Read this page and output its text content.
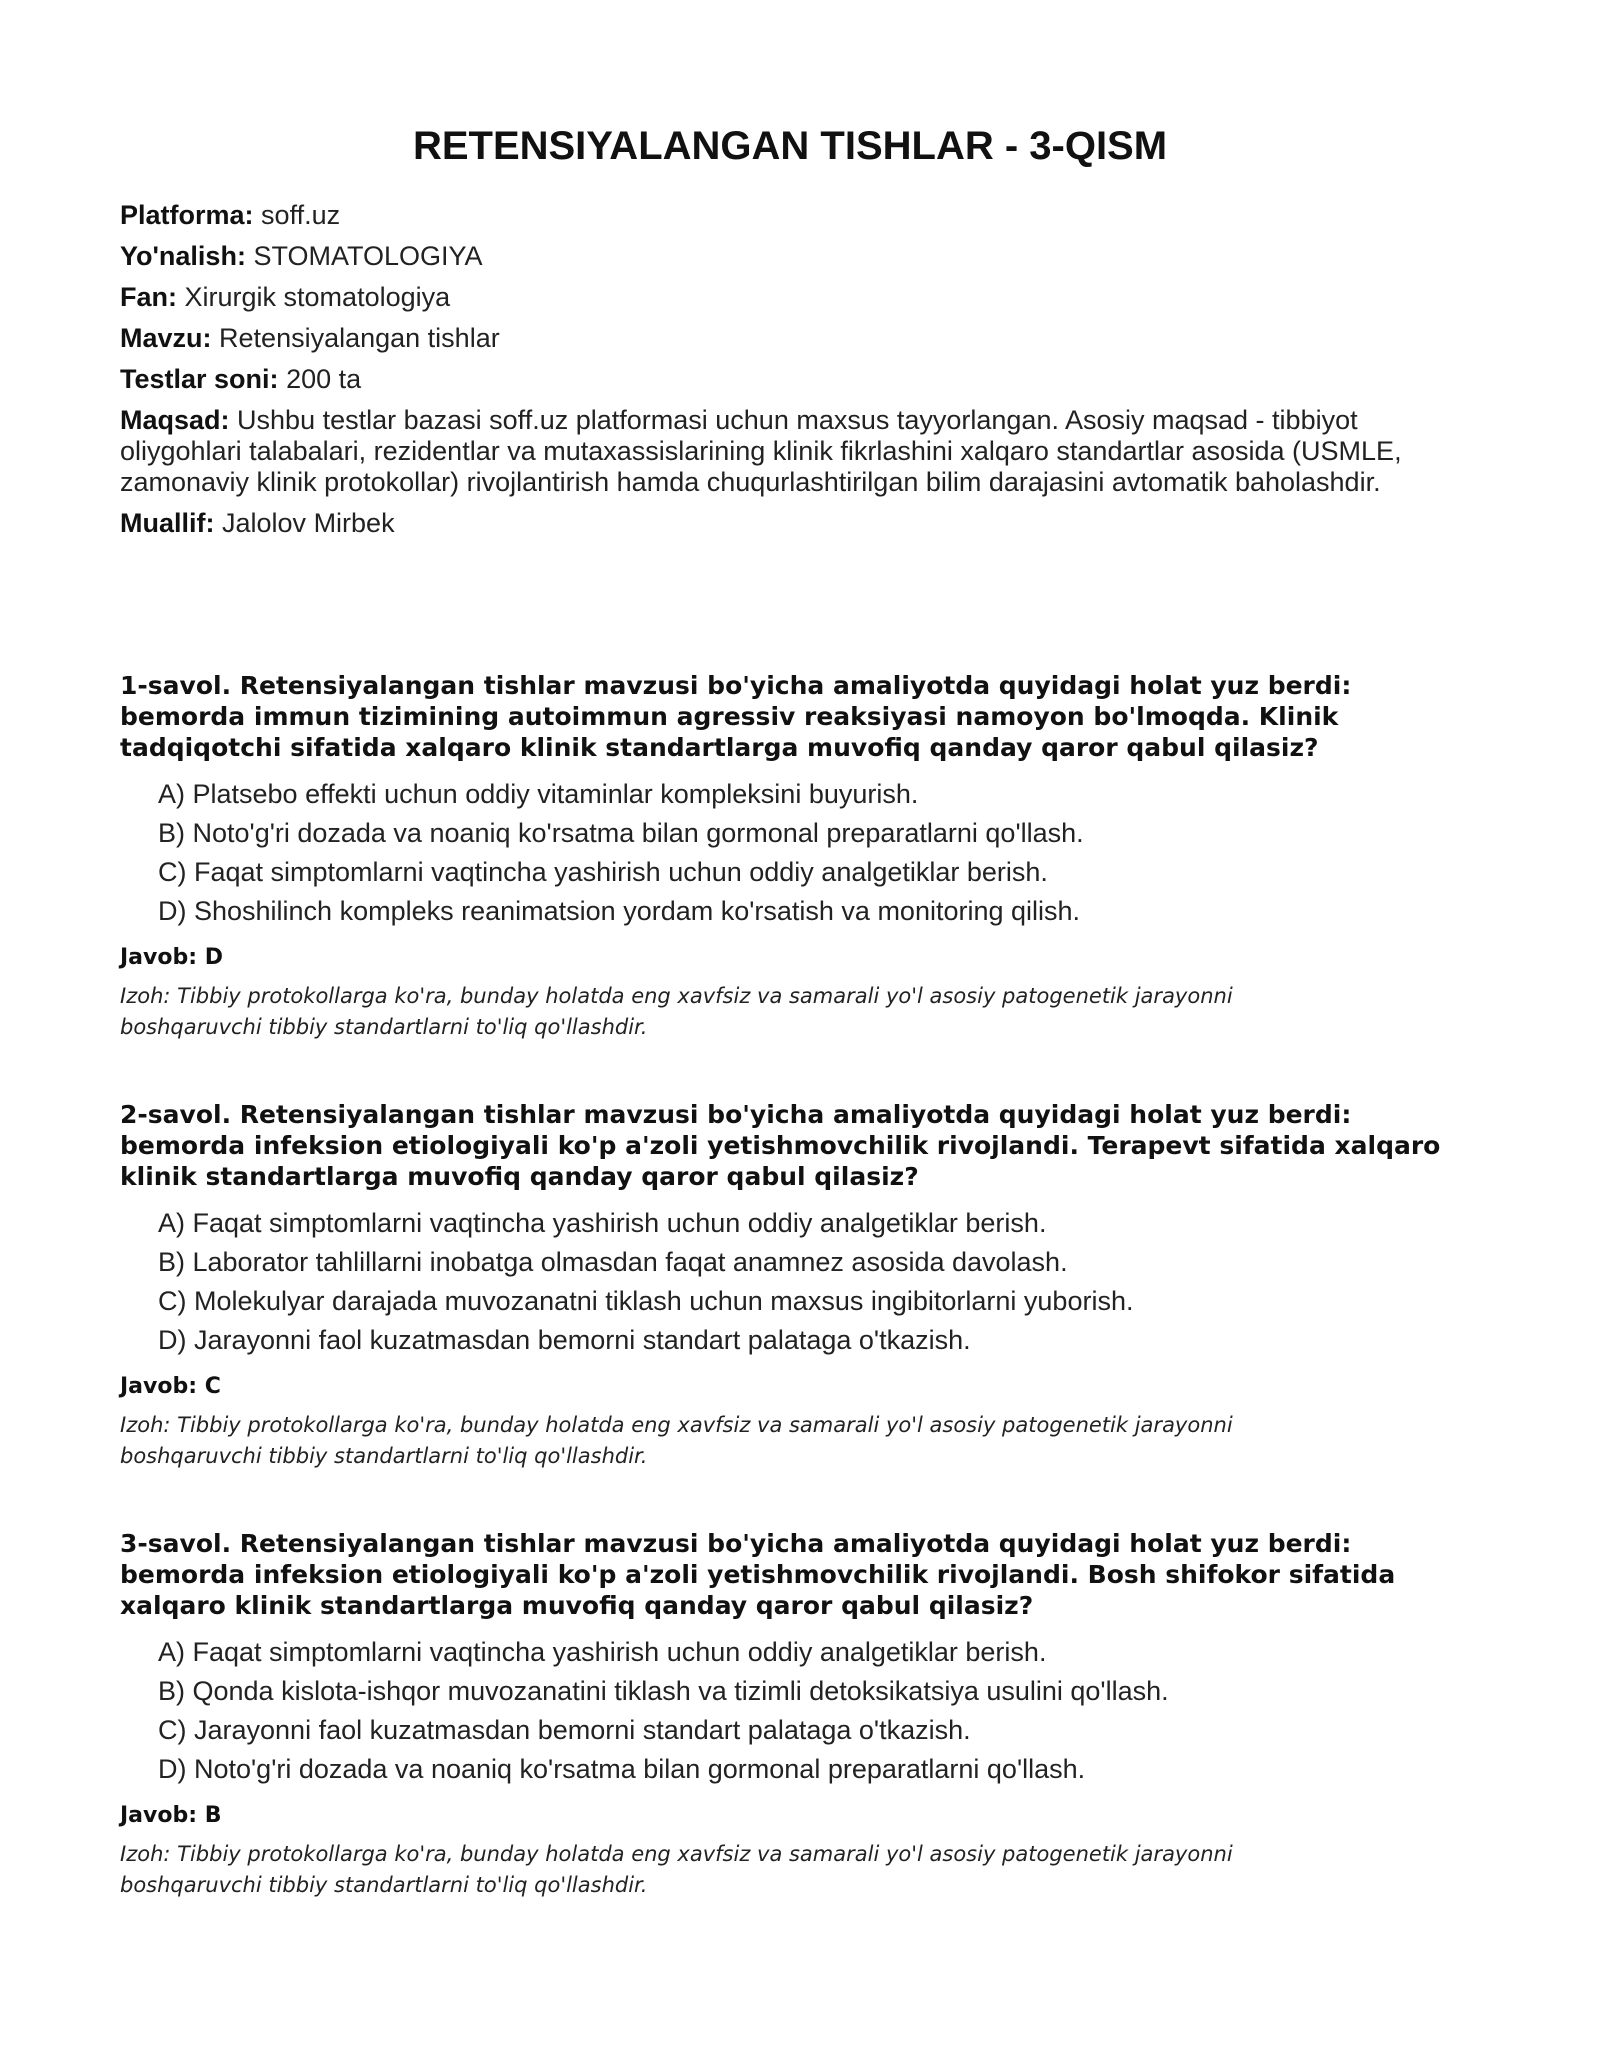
RETENSIYALANGAN TISHLAR - 3-QISM

Platforma: soff.uz

Yo'nalish: STOMATOLOGIYA

Fan: Xirurgik stomatologiya

Mavzu: Retensiyalangan tishlar

Testlar soni: 200 ta

Maqsad: Ushbu testlar bazasi soff.uz platformasi uchun maxsus tayyorlangan. Asosiy maqsad - tibbiyot oliygohlari talabalari, rezidentlar va mutaxassislarining klinik fikrlashini xalqaro standartlar asosida (USMLE, zamonaviy klinik protokollar) rivojlantirish hamda chuqurlashtirilgan bilim darajasini avtomatik baholashdir.

Muallif: Jalolov Mirbek

1-savol. Retensiyalangan tishlar mavzusi bo'yicha amaliyotda quyidagi holat yuz berdi: bemorda immun tizimining autoimmun agressiv reaksiyasi namoyon bo'lmoqda. Klinik tadqiqotchi sifatida xalqaro klinik standartlarga muvofiq qanday qaror qabul qilasiz?

A) Platsebo effekti uchun oddiy vitaminlar kompleksini buyurish.
B) Noto'g'ri dozada va noaniq ko'rsatma bilan gormonal preparatlarni qo'llash.
C) Faqat simptomlarni vaqtincha yashirish uchun oddiy analgetiklar berish.
D) Shoshilinch kompleks reanimatsion yordam ko'rsatish va monitoring qilish.

Javob: D

Izoh: Tibbiy protokollarga ko'ra, bunday holatda eng xavfsiz va samarali yo'l asosiy patogenetik jarayonni boshqaruvchi tibbiy standartlarni to'liq qo'llashdir.

2-savol. Retensiyalangan tishlar mavzusi bo'yicha amaliyotda quyidagi holat yuz berdi: bemorda infeksion etiologiyali ko'p a'zoli yetishmovchilik rivojlandi. Terapevt sifatida xalqaro klinik standartlarga muvofiq qanday qaror qabul qilasiz?

A) Faqat simptomlarni vaqtincha yashirish uchun oddiy analgetiklar berish.
B) Laborator tahlillarni inobatga olmasdan faqat anamnez asosida davolash.
C) Molekulyar darajada muvozanatni tiklash uchun maxsus ingibitorlarni yuborish.
D) Jarayonni faol kuzatmasdan bemorni standart palataga o'tkazish.

Javob: C

Izoh: Tibbiy protokollarga ko'ra, bunday holatda eng xavfsiz va samarali yo'l asosiy patogenetik jarayonni boshqaruvchi tibbiy standartlarni to'liq qo'llashdir.

3-savol. Retensiyalangan tishlar mavzusi bo'yicha amaliyotda quyidagi holat yuz berdi: bemorda infeksion etiologiyali ko'p a'zoli yetishmovchilik rivojlandi. Bosh shifokor sifatida xalqaro klinik standartlarga muvofiq qanday qaror qabul qilasiz?

A) Faqat simptomlarni vaqtincha yashirish uchun oddiy analgetiklar berish.
B) Qonda kislota-ishqor muvozanatini tiklash va tizimli detoksikatsiya usulini qo'llash.
C) Jarayonni faol kuzatmasdan bemorni standart palataga o'tkazish.
D) Noto'g'ri dozada va noaniq ko'rsatma bilan gormonal preparatlarni qo'llash.

Javob: B

Izoh: Tibbiy protokollarga ko'ra, bunday holatda eng xavfsiz va samarali yo'l asosiy patogenetik jarayonni boshqaruvchi tibbiy standartlarni to'liq qo'llashdir.
